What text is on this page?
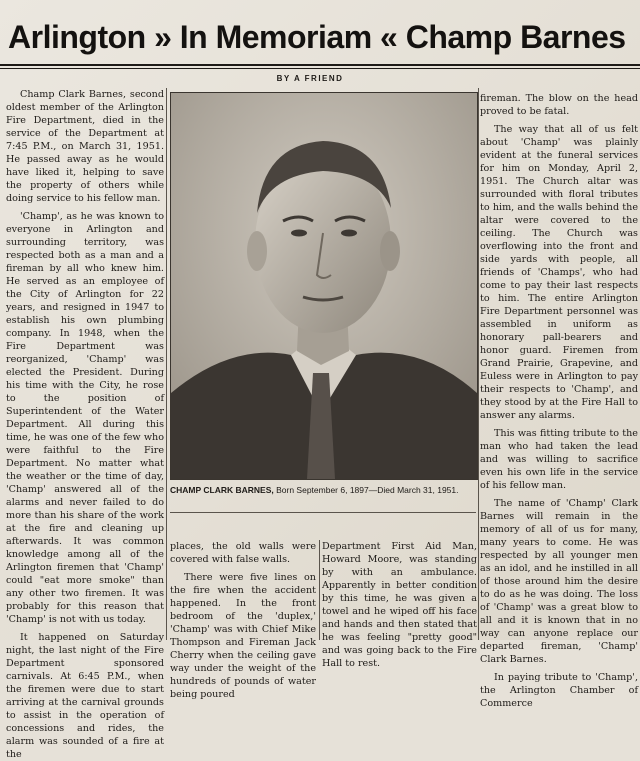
Arlington » In Memoriam « Champ Barnes
BY A FRIEND

Champ Clark Barnes, second oldest member of the Arlington Fire Department, died in the service of the Department at 7:45 P.M., on March 31, 1951. He passed away as he would have liked it, helping to save the property of others while doing service to his fellow man.

'Champ', as he was known to everyone in Arlington and surrounding territory, was respected both as a man and a fireman by all who knew him. He served as an employee of the City of Arlington for 22 years, and resigned in 1947 to establish his own plumbing company. In 1948, when the Fire Department was reorganized, 'Champ' was elected the President. During his time with the City, he rose to the position of Superintendent of the Water Department. All during this time, he was one of the few who were faithful to the Fire Department. No matter what the weather or the time of day, 'Champ' answered all of the alarms and never failed to do more than his share of the work at the fire and cleaning up afterwards. It was common knowledge among all of the Arlington firemen that 'Champ' could "eat more smoke" than any other two firemen. It was probably for this reason that 'Champ' is not with us today.

It happened on Saturday night, the last night of the Fire Department sponsored carnivals. At 6:45 P.M., when the firemen were due to start arriving at the carnival grounds to assist in the operation of concessions and rides, the alarm was sounded of a fire at the

CHAMP CLARK BARNES, Born September 6, 1897—Died March 31, 1951.

places, the old walls were covered with false walls.

There were five lines on the fire when the accident happened. In the front bedroom of the 'duplex,' 'Champ' was with Chief Mike Thompson and Fireman Jack Cherry when the ceiling gave way under the weight of the hundreds of pounds of water being poured

Department First Aid Man, Howard Moore, was standing by with an ambulance. Apparently in better condition by this time, he was given a towel and he wiped off his face and hands and then stated that he was feeling "pretty good" and was going back to the Fire Hall to rest.

fireman. The blow on the head proved to be fatal.

The way that all of us felt about 'Champ' was plainly evident at the funeral services for him on Monday, April 2, 1951. The Church altar was surrounded with floral tributes to him, and the walls behind the altar were covered to the ceiling. The Church was overflowing into the front and side yards with people, all friends of 'Champs', who had come to pay their last respects to him. The entire Arlington Fire Department personnel was assembled in uniform as honorary pall-bearers and honor guard. Firemen from Grand Prairie, Grapevine, and Euless were in Arlington to pay their respects to 'Champ', and they stood by at the Fire Hall to answer any alarms.

This was fitting tribute to the man who had taken the lead and was willing to sacrifice even his own life in the service of his fellow man.

The name of 'Champ' Clark Barnes will remain in the memory of all of us for many, many years to come. He was respected by all younger men as an idol, and he instilled in all of those around him the desire to do as he was doing. The loss of 'Champ' was a great blow to all and it is known that in no way can anyone replace our departed fireman, 'Champ' Clark Barnes.

In paying tribute to 'Champ', the Arlington Chamber of Commerce
